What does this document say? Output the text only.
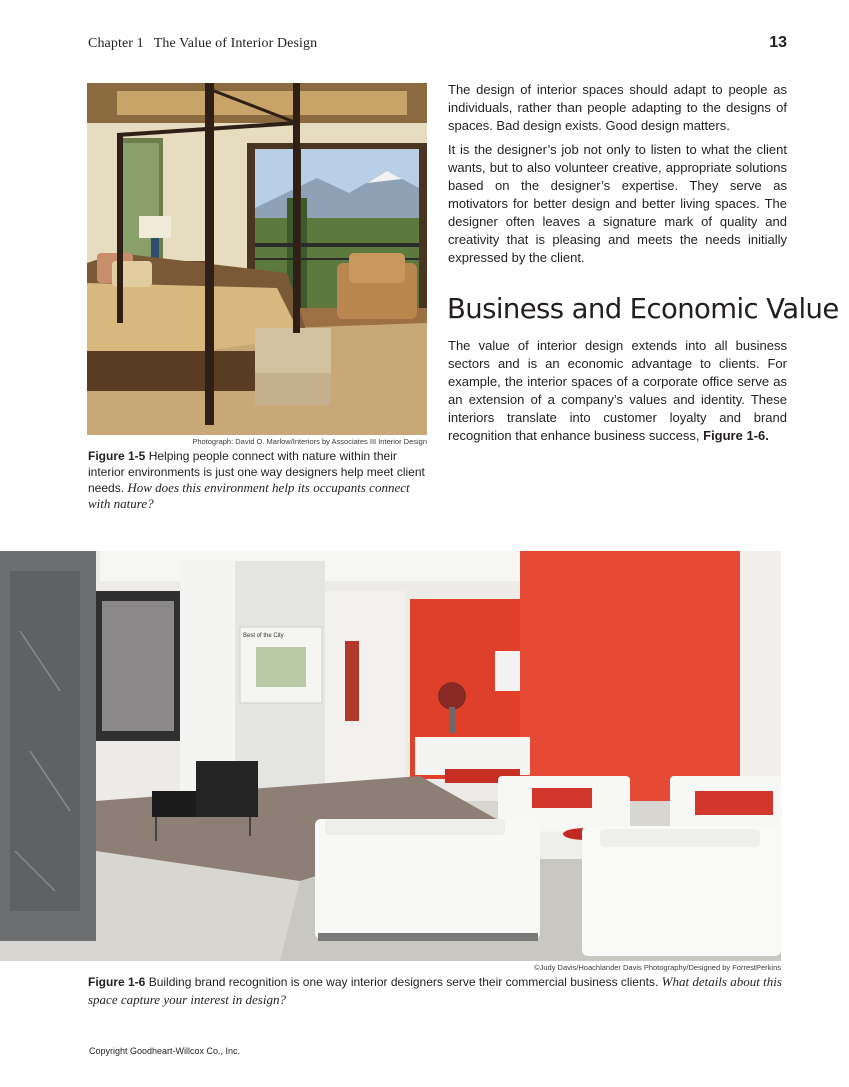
Chapter 1 The Value of Interior Design	13
Photograph: David O. Marlow/Interiors by Associates III Interior Design
Figure 1-5 Helping people connect with nature within their interior environments is just one way designers help meet client needs. How does this environment help its occupants connect with nature?

The design of interior spaces should adapt to people as individuals, rather than people adapting to the designs of spaces. Bad design exists. Good design matters.

It is the designer’s job not only to listen to what the client wants, but to also volunteer creative, appropriate solutions based on the designer’s expertise. They serve as motivators for better design and better living spaces. The designer often leaves a signature mark of quality and creativity that is pleasing and meets the needs initially expressed by the client.

Business and Economic Value

The value of interior design extends into all business sectors and is an economic advantage to clients. For example, the interior spaces of a corporate office serve as an extension of a company’s values and identity. These interiors translate into customer loyalty and brand recognition that enhance business success, Figure 1-6.

Best of the City
©Judy Davis/Hoachlander Davis Photography/Designed by ForrestPerkins
Figure 1-6 Building brand recognition is one way interior designers serve their commercial business clients. What details about this space capture your interest in design?
Copyright Goodheart-Willcox Co., Inc.
